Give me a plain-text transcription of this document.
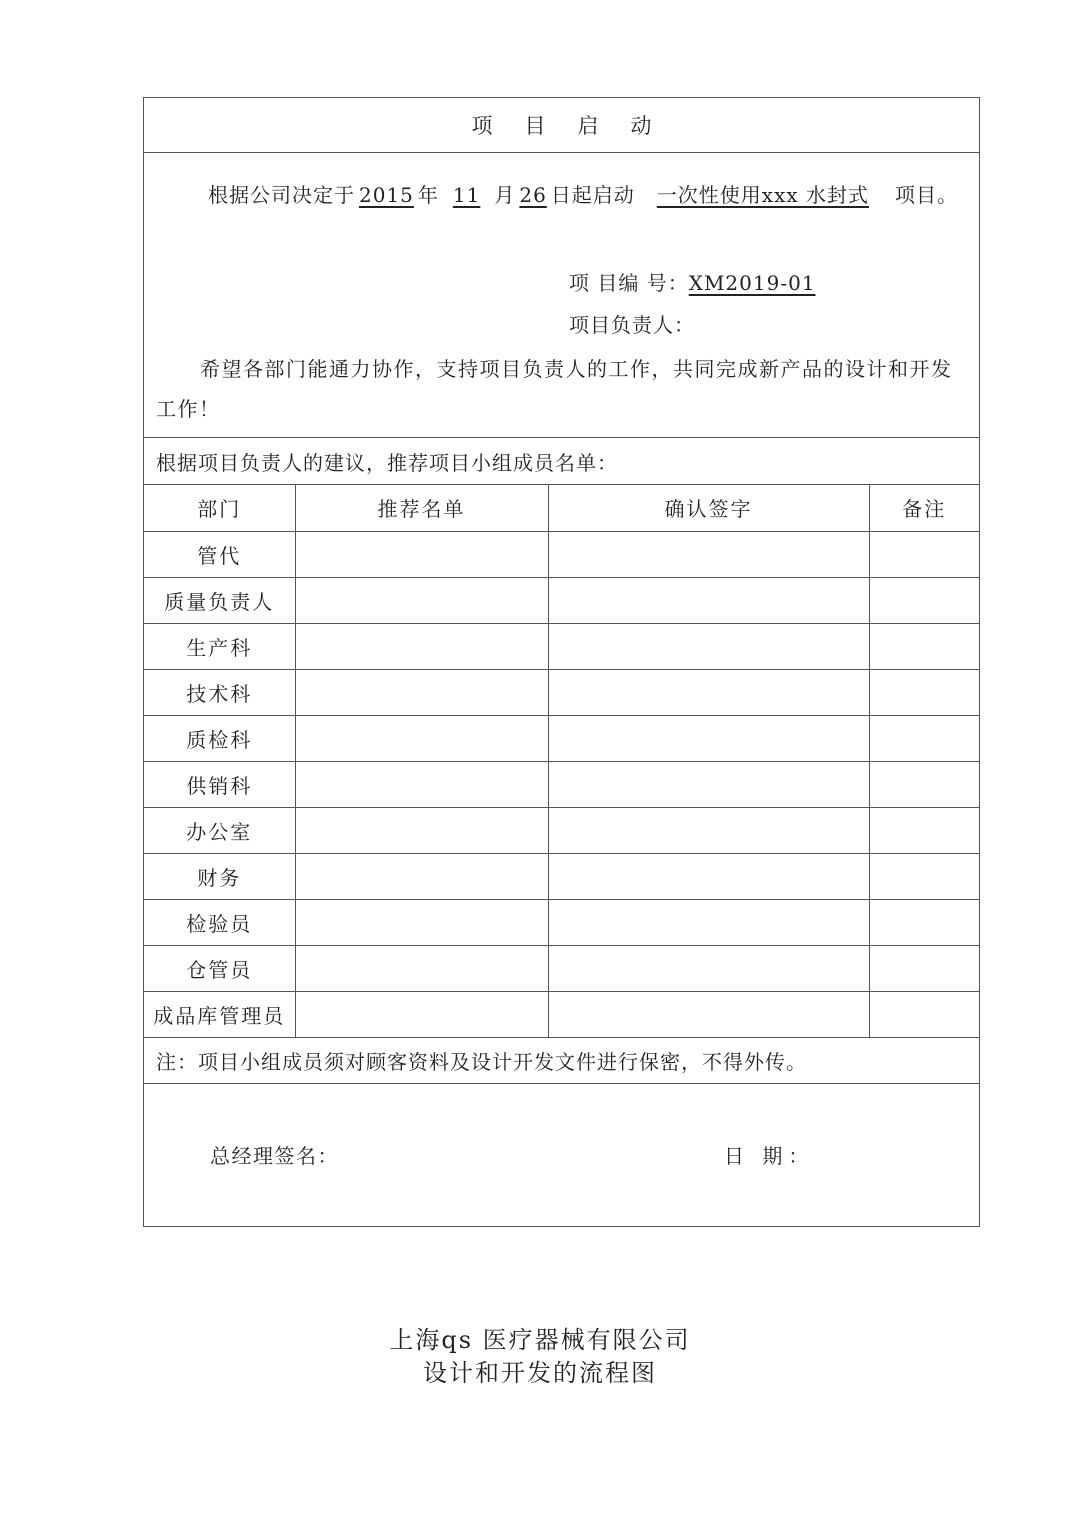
项目启动
根据公司决定于 2015 年 11 月 26 日起启动 一次性使用xxx 水封式 项目。
项 目编 号：XM2019-01
项目负责人：
希望各部门能通力协作，支持项目负责人的工作，共同完成新产品的设计和开发工作！
根据项目负责人的建议，推荐项目小组成员名单：
部门	推荐名单	确认签字	备注
管代			
质量负责人			
生产科			
技术科			
质检科			
供销科			
办公室			
财务			
检验员			
仓管员			
成品库管理员			
注：项目小组成员须对顾客资料及设计开发文件进行保密，不得外传。
总经理签名：	日 期：
上海qs 医疗器械有限公司
设计和开发的流程图
